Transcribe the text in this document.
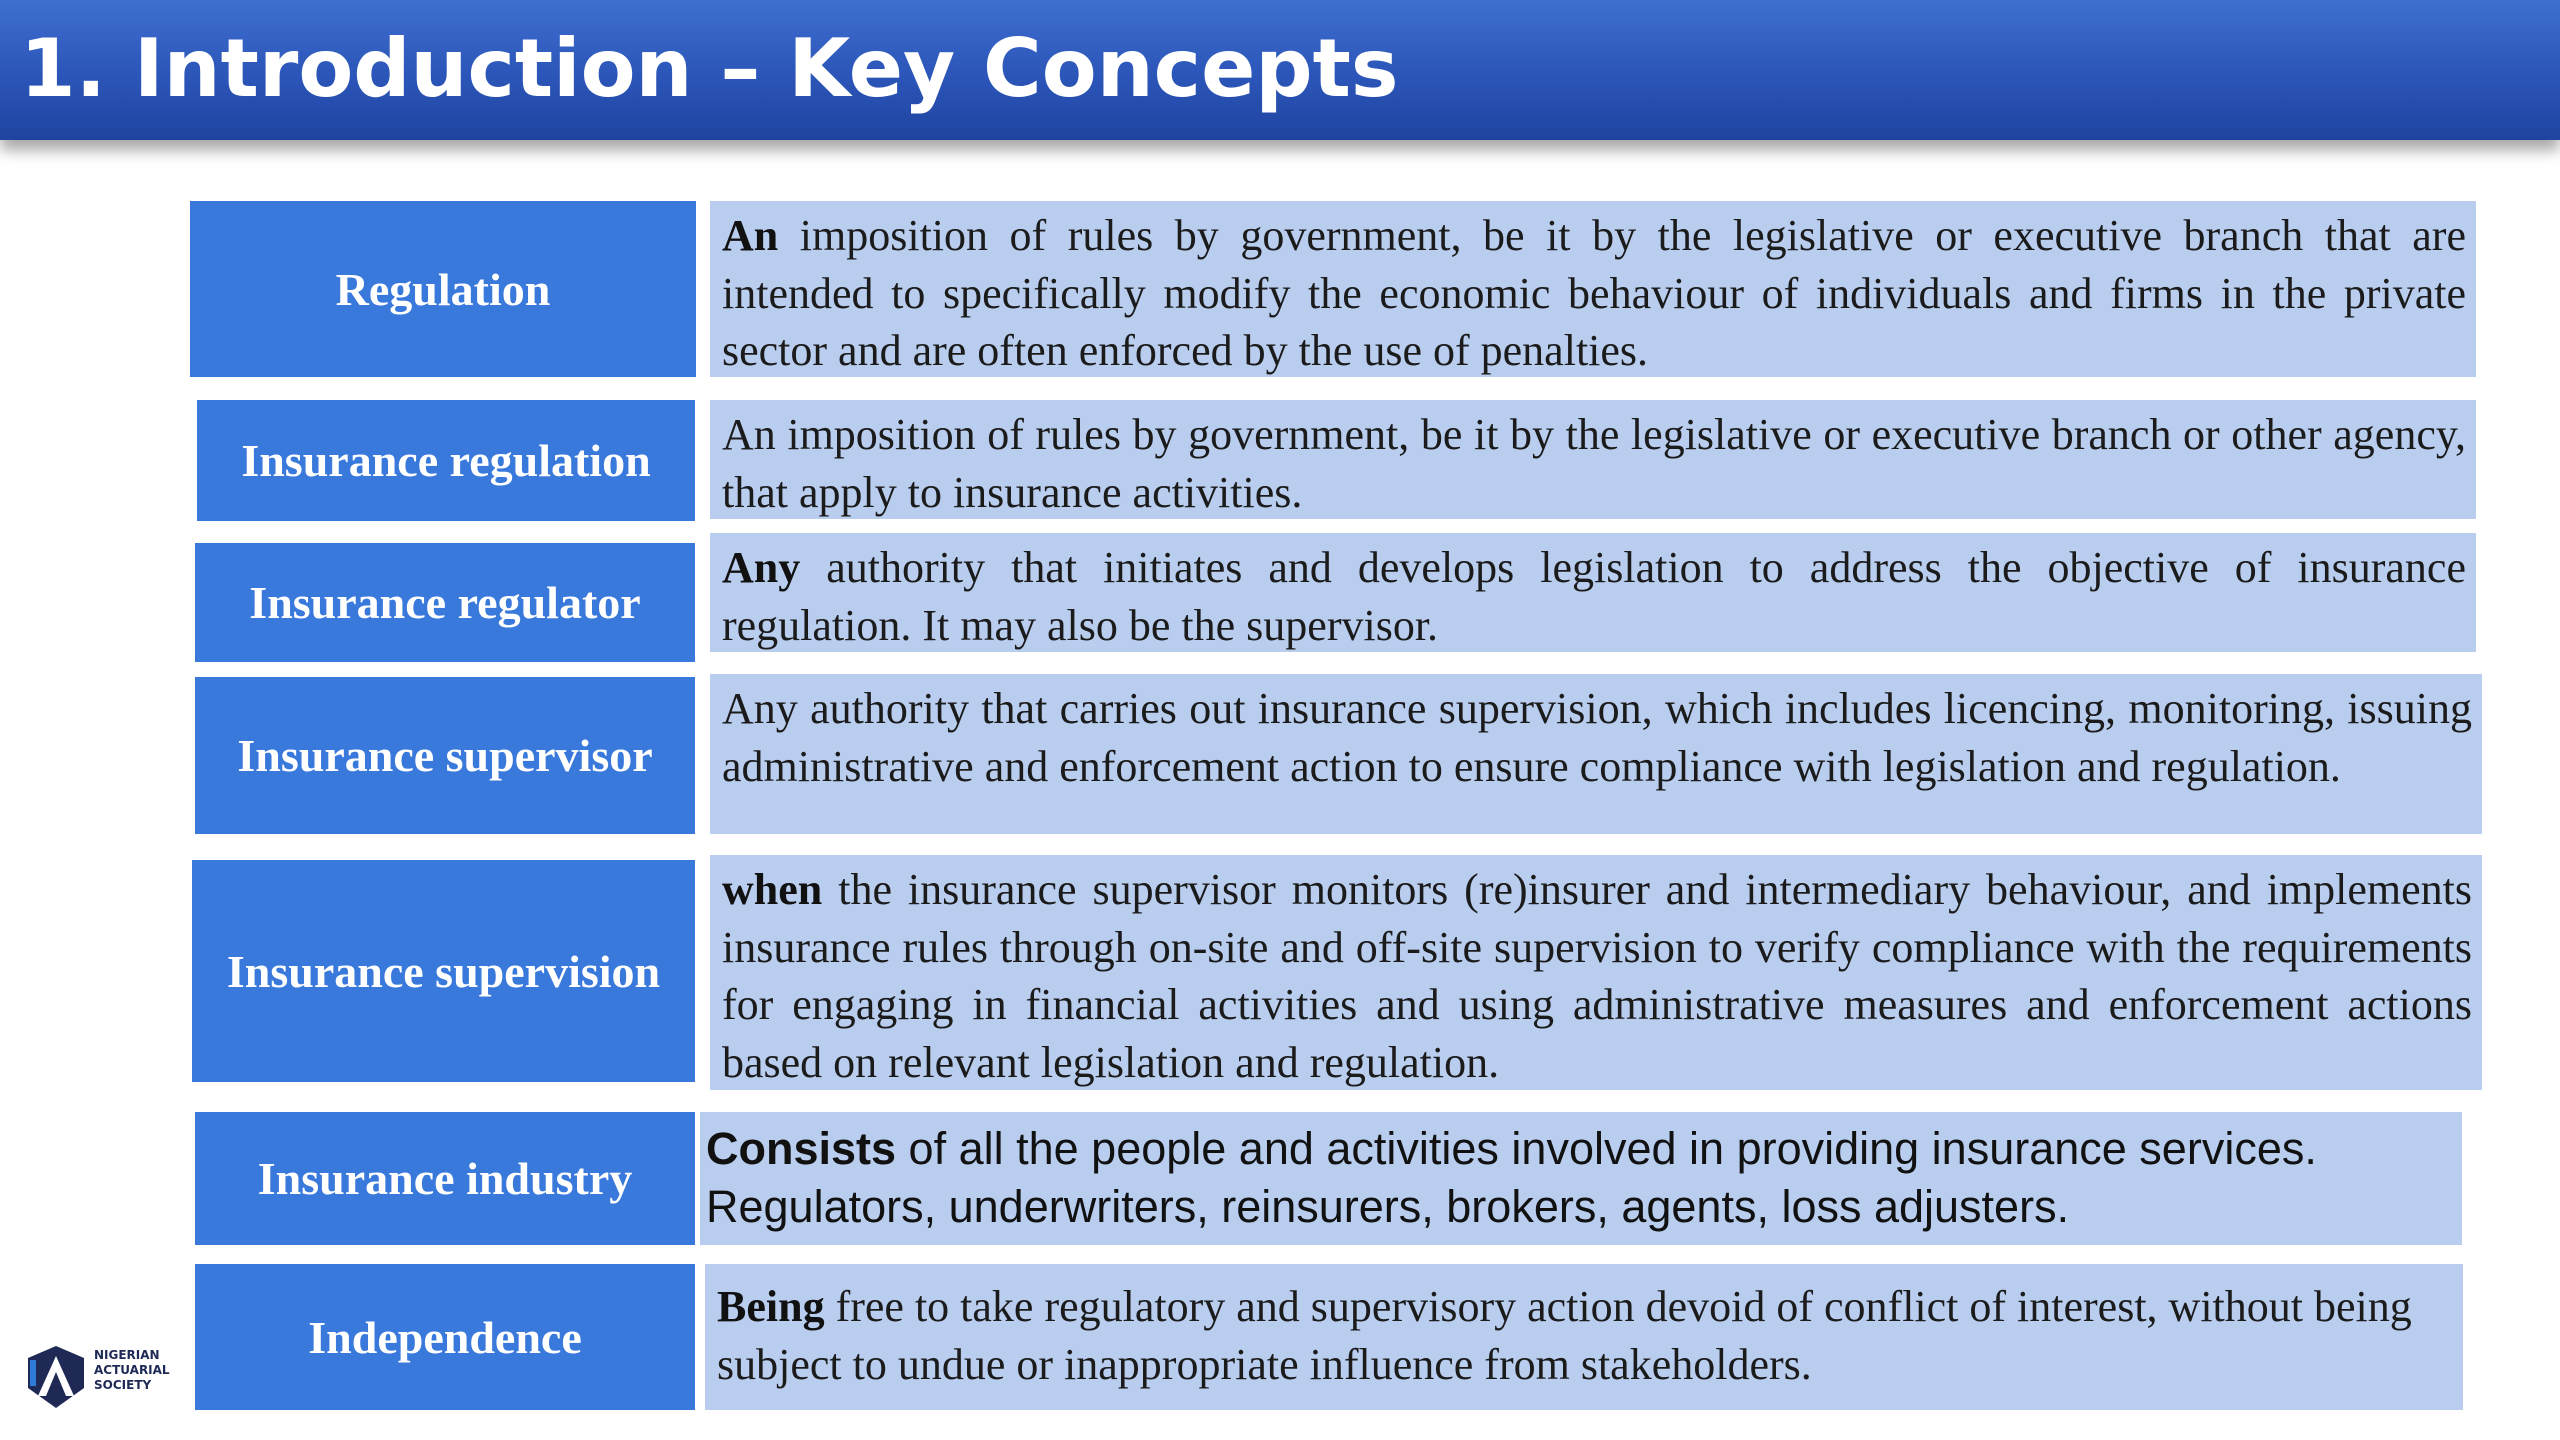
1. Introduction – Key Concepts
Regulation
An imposition of rules by government, be it by the legislative or executive branch that are intended to specifically modify the economic behaviour of individuals and firms in the private sector and are often enforced by the use of penalties.
Insurance regulation
An imposition of rules by government, be it by the legislative or executive branch or other agency, that apply to insurance activities.
Insurance regulator
Any authority that initiates and develops legislation to address the objective of insurance regulation. It may also be the supervisor.
Insurance supervisor
Any authority that carries out insurance supervision, which includes licencing, monitoring, issuing administrative and enforcement action to ensure compliance with legislation and regulation.
Insurance supervision
when the insurance supervisor monitors (re)insurer and intermediary behaviour, and implements insurance rules through on-site and off-site supervision to verify compliance with the requirements for engaging in financial activities and using administrative measures and enforcement actions based on relevant legislation and regulation.
Insurance industry
Consists of all the people and activities involved in providing insurance services. Regulators, underwriters, reinsurers, brokers, agents, loss adjusters.
Independence
Being free to take regulatory and supervisory action devoid of conflict of interest, without being subject to undue or inappropriate influence from stakeholders.
NIGERIAN
ACTUARIAL
SOCIETY
